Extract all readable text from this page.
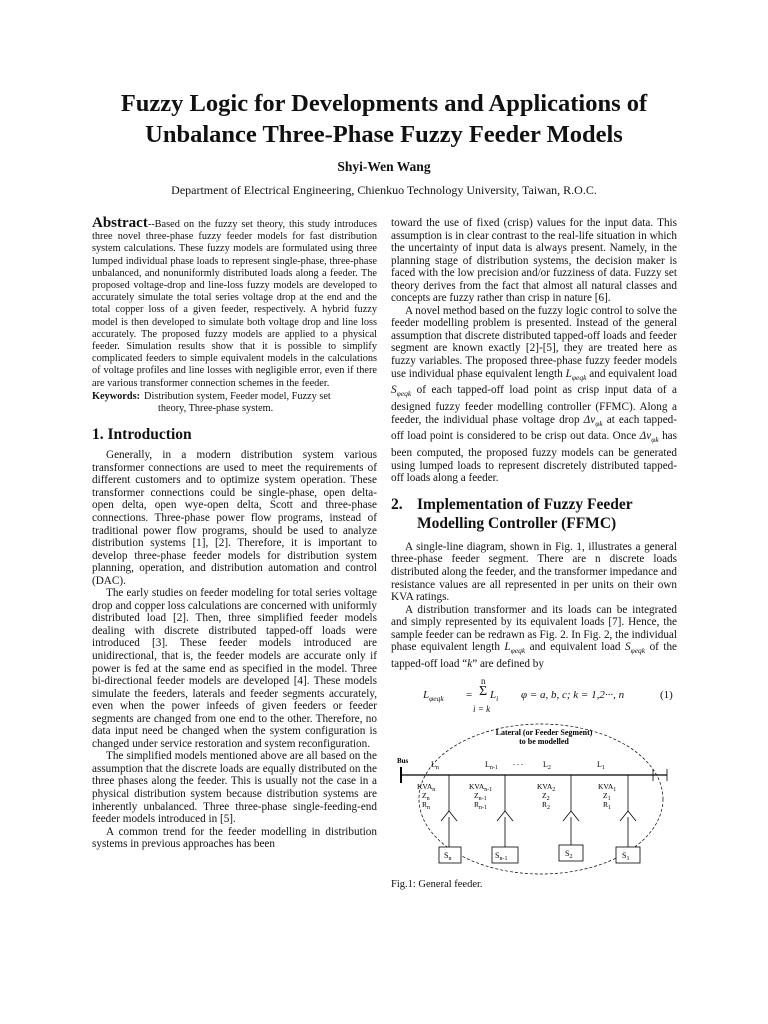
Fuzzy Logic for Developments and Applications of
Unbalance Three-Phase Fuzzy Feeder Models
Shyi-Wen Wang
Department of Electrical Engineering, Chienkuo Technology University, Taiwan, R.O.C.

Abstract--Based on the fuzzy set theory, this study introduces three novel three-phase fuzzy feeder models for fast distribution system calculations. These fuzzy models are formulated using three lumped individual phase loads to represent single-phase, three-phase unbalanced, and nonuniformly distributed loads along a feeder. The proposed voltage-drop and line-loss fuzzy models are developed to accurately simulate the total series voltage drop at the end and the total copper loss of a given feeder, respectively. A hybrid fuzzy model is then developed to simulate both voltage drop and line loss accurately. The proposed fuzzy models are applied to a physical feeder. Simulation results show that it is possible to simplify complicated feeders to simple equivalent models in the calculations of voltage profiles and line losses with negligible error, even if there are various transformer connection schemes in the feeder.

Keywords: Distribution system, Feeder model, Fuzzy set
theory, Three-phase system.
1. Introduction

Generally, in a modern distribution system various transformer connections are used to meet the requirements of different customers and to optimize system operation. These transformer connections could be single-phase, open delta-open delta, open wye-open delta, Scott and three-phase connections. Three-phase power flow programs, instead of traditional power flow programs, should be used to analyze distribution systems [1], [2]. Therefore, it is important to develop three-phase feeder models for distribution system planning, operation, and distribution automation and control (DAC).

The early studies on feeder modeling for total series voltage drop and copper loss calculations are concerned with uniformly distributed load [2]. Then, three simplified feeder models dealing with discrete distributed tapped-off loads were introduced [3]. These feeder models introduced are unidirectional, that is, the feeder models are accurate only if power is fed at the same end as specified in the model. Three bi-directional feeder models are developed [4]. These models simulate the feeders, laterals and feeder segments accurately, even when the power infeeds of given feeders or feeder segments are changed from one end to the other. Therefore, no data input need be changed when the system configuration is changed under service restoration and system reconfiguration.

The simplified models mentioned above are all based on the assumption that the discrete loads are equally distributed on the three phases along the feeder. This is usually not the case in a physical distribution system because distribution systems are inherently unbalanced. Three three-phase single-feeding-end feeder models introduced in [5].

A common trend for the feeder modelling in distribution systems in previous approaches has been

toward the use of fixed (crisp) values for the input data. This assumption is in clear contrast to the real-life situation in which the uncertainty of input data is always present. Namely, in the planning stage of distribution systems, the decision maker is faced with the low precision and/or fuzziness of data. Fuzzy set theory derives from the fact that almost all natural classes and concepts are fuzzy rather than crisp in nature [6].

A novel method based on the fuzzy logic control to solve the feeder modelling problem is presented. Instead of the general assumption that discrete distributed tapped-off loads and feeder segment are known exactly [2]-[5], they are treated here as fuzzy variables. The proposed three-phase fuzzy feeder models use individual phase equivalent length $L_{\varphi eqk}$ and equivalent load $S_{\varphi eqk}$ of each tapped-off load point as crisp input data of a designed fuzzy feeder modelling controller (FFMC). Along a feeder, the individual phase voltage drop $\Delta v_{\varphi k}$ at each tapped-off load point is considered to be crisp out data. Once $\Delta v_{\varphi k}$ has been computed, the proposed fuzzy models can be generated using lumped loads to represent discretely distributed tapped-off loads along a feeder.

2. Implementation of Fuzzy Feeder
Modelling Controller (FFMC)

A single-line diagram, shown in Fig. 1, illustrates a general three-phase feeder segment. There are n discrete loads distributed along the feeder, and the transformer impedance and resistance values are all represented in per units on their own KVA ratings.

A distribution transformer and its loads can be integrated and simply represented by its equivalent loads [7]. Hence, the sample feeder can be redrawn as Fig. 2. In Fig. 2, the individual phase equivalent length $L_{\varphi eqk}$ and equivalent load $S_{\varphi eqk}$ of the tapped-off load “k” are defined by

$L_{\varphi eqk}$ =
n
Σ $L_i$
i = k
φ = a, b, c; k = 1,2···, n	(1)
Lateral (or Feeder Segment)
to be modelled
Bus	. . .
$L_n$	$L_{n-1}$	$L_2$	$L_1$
$S_n$
$KVA_n$
$Z_n$
$R_n$
$S_{n-1}$
$KVA_{n-1}$
$Z_{n-1}$
$R_{n-1}$
$S_2$
$KVA_2$
$Z_2$
$R_2$
$S_1$
$KVA_1$
$Z_1$
$R_1$
Fig.1: General feeder.
